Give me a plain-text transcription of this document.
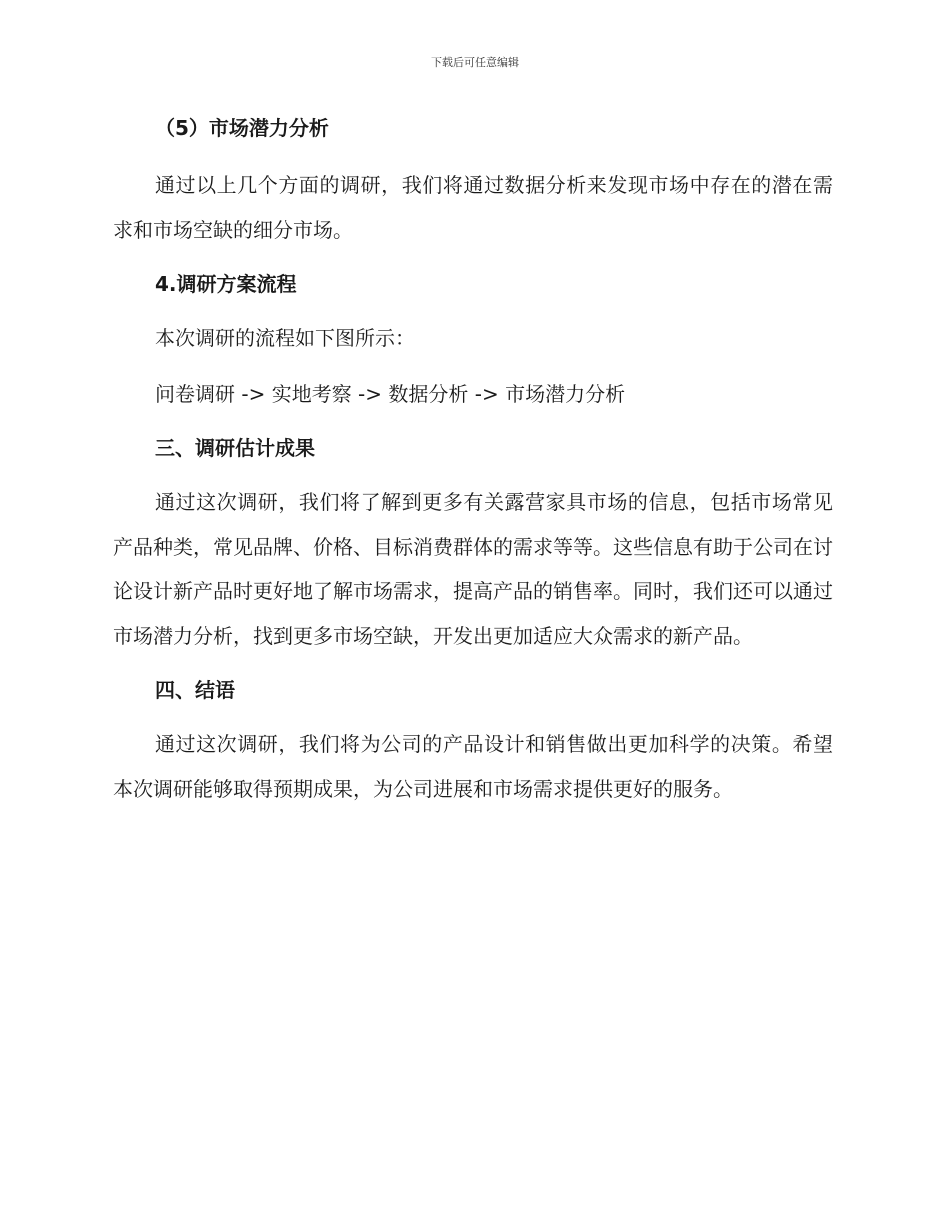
下载后可任意编辑
（5）市场潜力分析

通过以上几个方面的调研，我们将通过数据分析来发现市场中存在的潜在需求和市场空缺的细分市场。

4.调研方案流程

本次调研的流程如下图所示：

问卷调研 -> 实地考察 -> 数据分析 -> 市场潜力分析

三、调研估计成果

通过这次调研，我们将了解到更多有关露营家具市场的信息，包括市场常见产品种类，常见品牌、价格、目标消费群体的需求等等。这些信息有助于公司在讨论设计新产品时更好地了解市场需求，提高产品的销售率。同时，我们还可以通过市场潜力分析，找到更多市场空缺，开发出更加适应大众需求的新产品。

四、结语

通过这次调研，我们将为公司的产品设计和销售做出更加科学的决策。希望本次调研能够取得预期成果，为公司进展和市场需求提供更好的服务。
